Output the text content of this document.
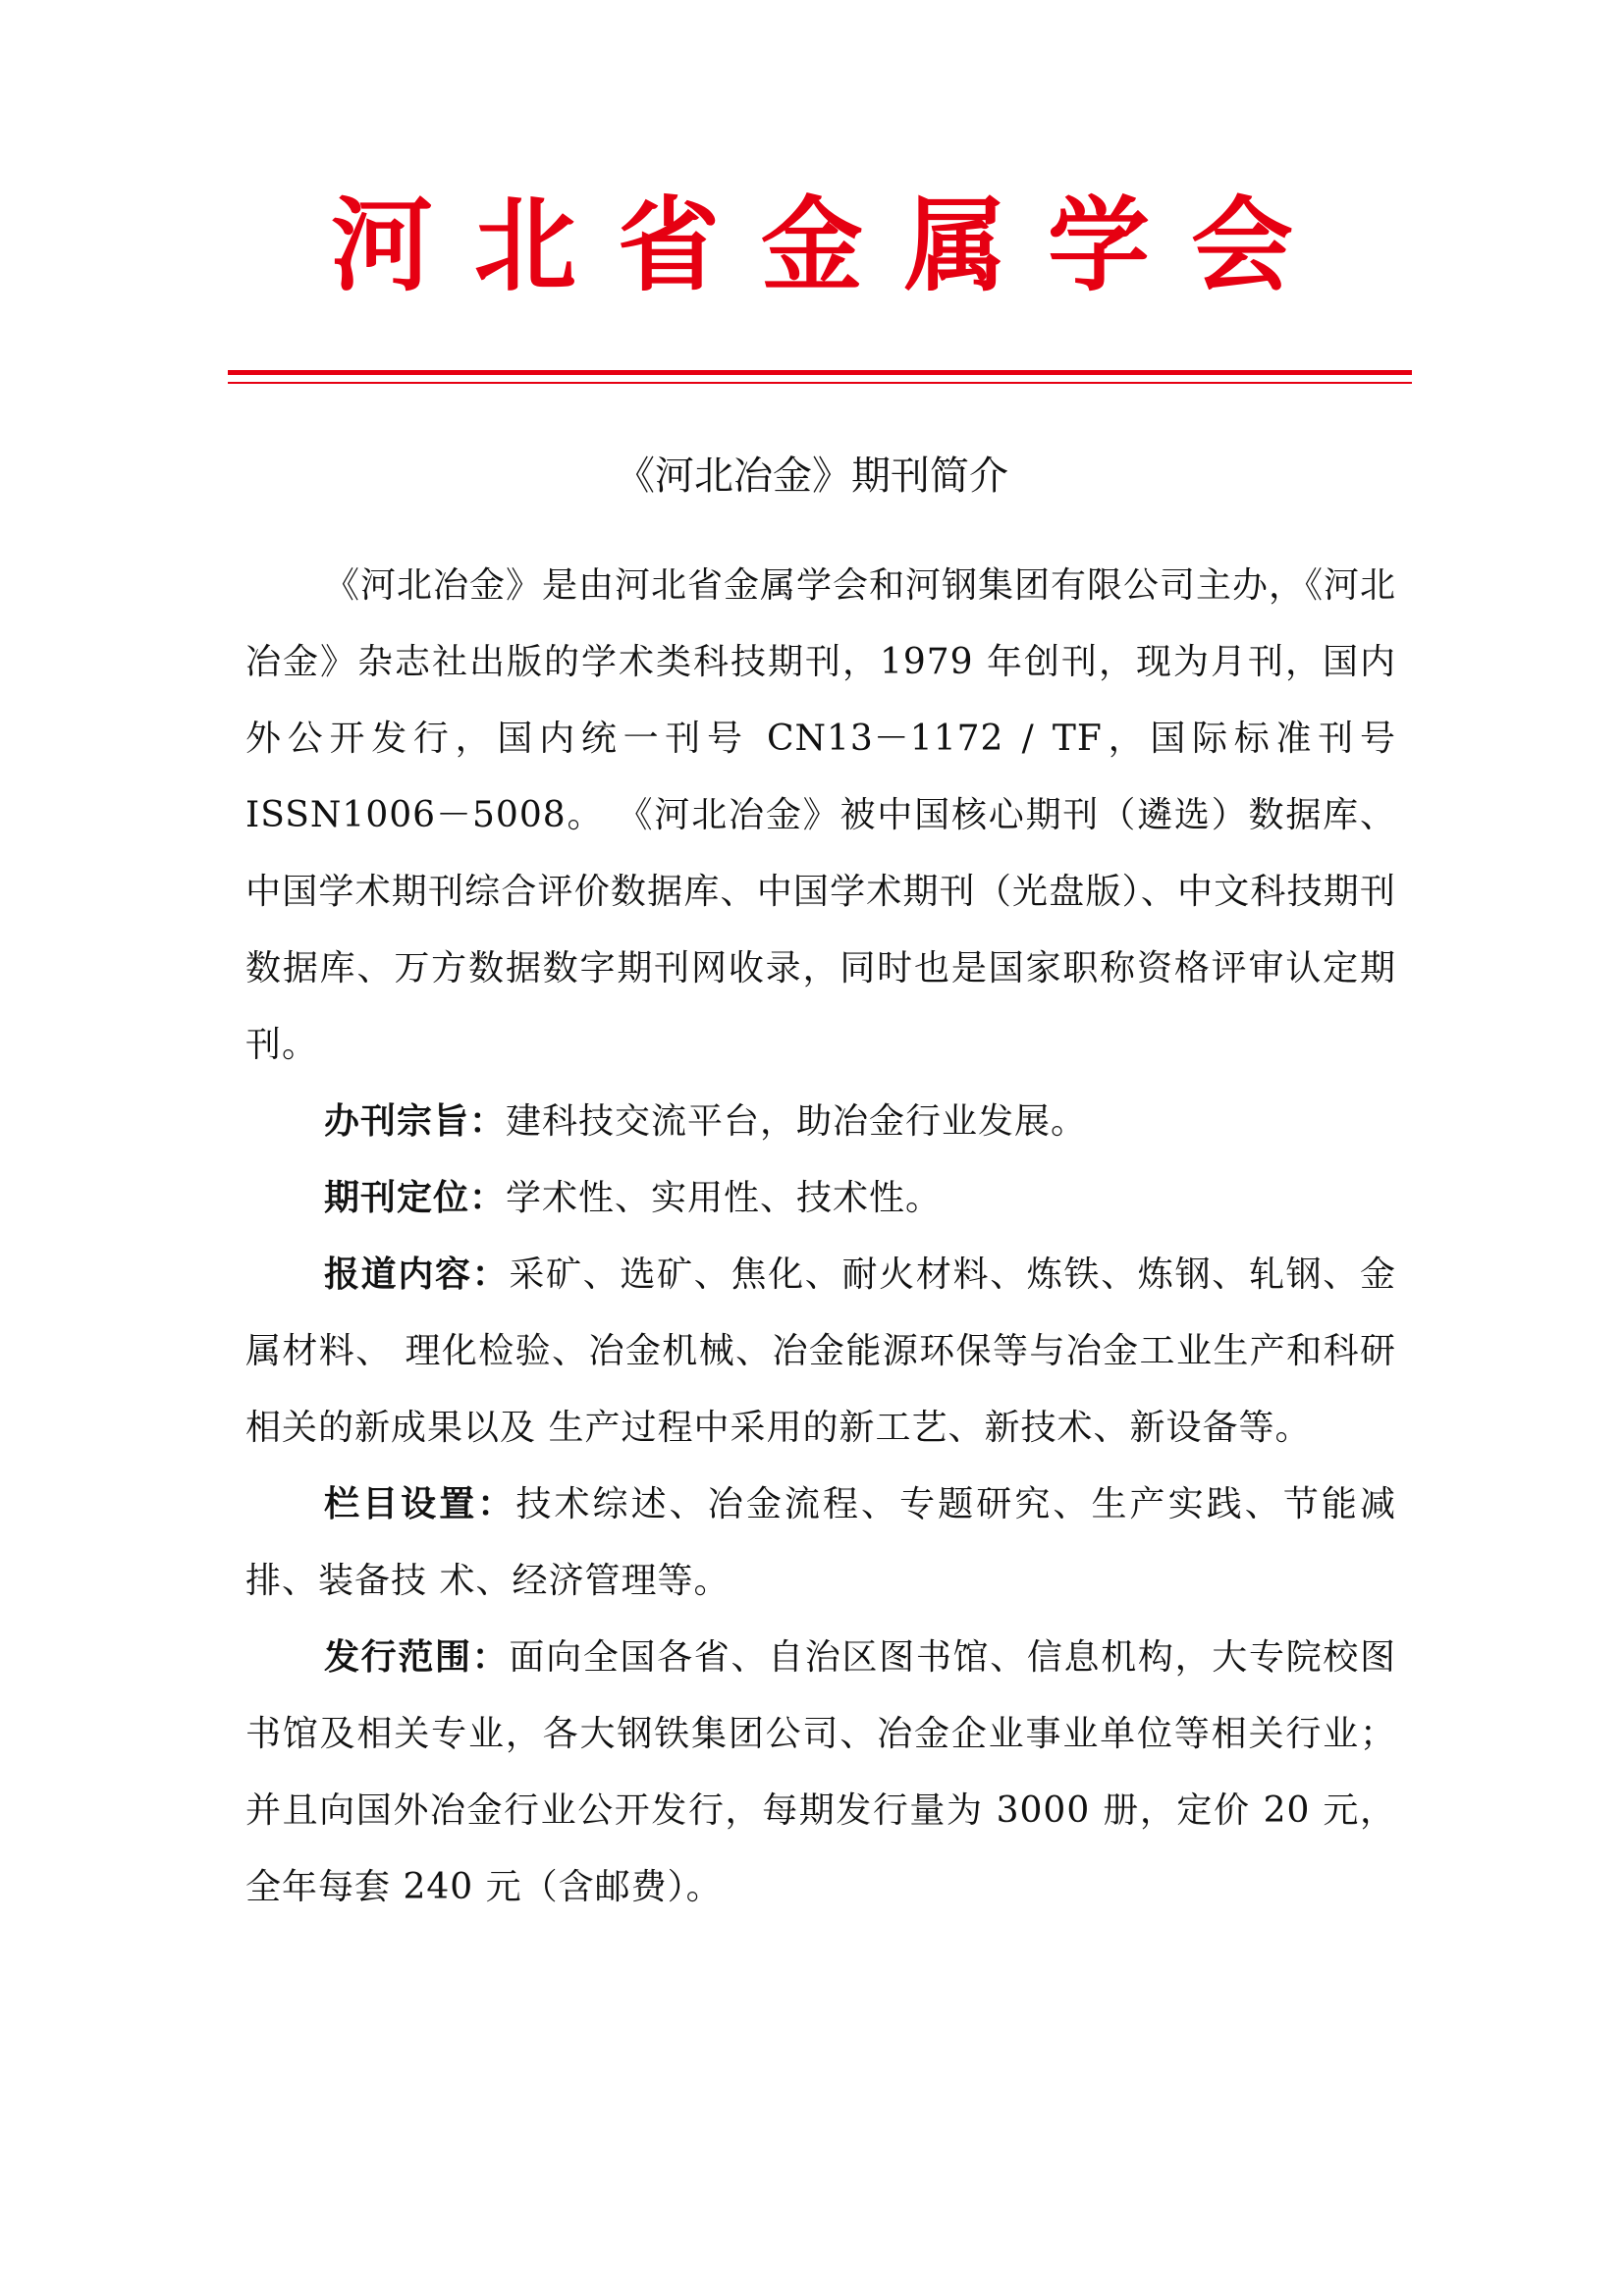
河北省金属学会
《河北冶金》期刊简介

《河北冶金》是由河北省金属学会和河钢集团有限公司主办，《河北冶金》杂志社出版的学术类科技期刊，1979 年创刊，现为月刊，国内外公开发行，国内统一刊号 CN13－1172 / TF，国际标准刊号 ISSN1006－5008。 《河北冶金》被中国核心期刊（遴选）数据库、中国学术期刊综合评价数据库、中国学术期刊（光盘版）、中文科技期刊数据库、万方数据数字期刊网收录，同时也是国家职称资格评审认定期刊。

办刊宗旨：建科技交流平台，助冶金行业发展。

期刊定位：学术性、实用性、技术性。

报道内容：采矿、选矿、焦化、耐火材料、炼铁、炼钢、轧钢、金属材料、 理化检验、冶金机械、冶金能源环保等与冶金工业生产和科研相关的新成果以及 生产过程中采用的新工艺、新技术、新设备等。

栏目设置：技术综述、冶金流程、专题研究、生产实践、节能减排、装备技 术、经济管理等。

发行范围：面向全国各省、自治区图书馆、信息机构，大专院校图书馆及相关专业，各大钢铁集团公司、冶金企业事业单位等相关行业；并且向国外冶金行业公开发行，每期发行量为 3000 册，定价 20 元，全年每套 240 元（含邮费）。
